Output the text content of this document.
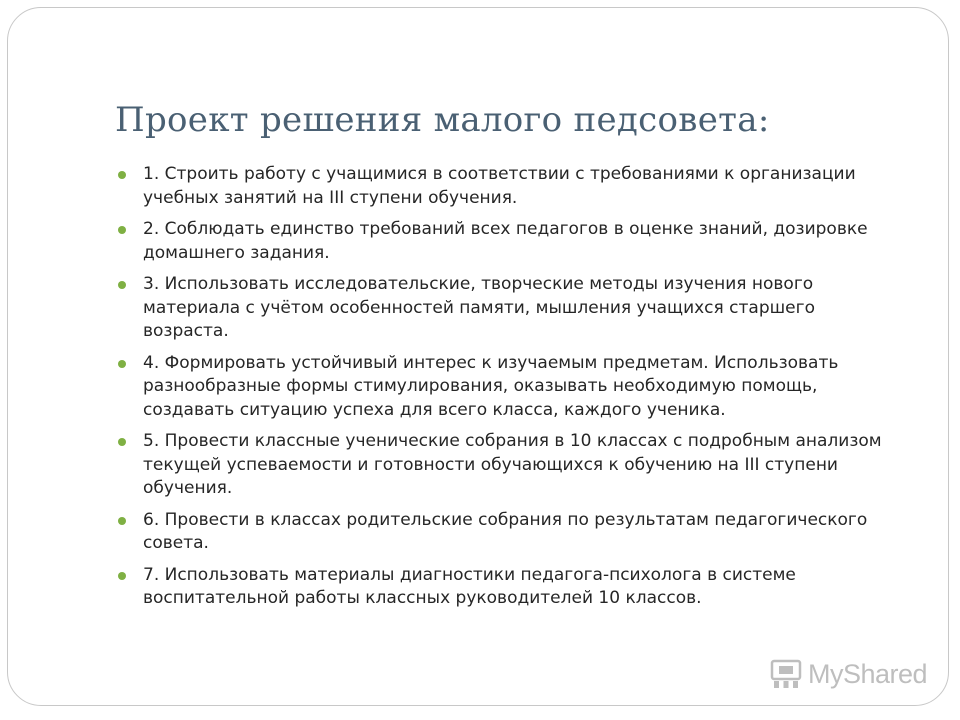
Проект решения малого педсовета:
1. Строить работу с учащимися в соответствии с требованиями к организации учебных занятий на III ступени обучения.
2. Соблюдать единство требований всех педагогов в оценке знаний, дозировке домашнего задания.
3. Использовать исследовательские, творческие методы изучения нового материала с учётом особенностей памяти, мышления учащихся старшего возраста.
4. Формировать устойчивый интерес к изучаемым предметам. Использовать разнообразные формы стимулирования, оказывать необходимую помощь, создавать ситуацию успеха для всего класса, каждого ученика.
5. Провести классные ученические собрания в 10 классах с подробным анализом текущей успеваемости и готовности обучающихся к обучению на III ступени обучения.
6. Провести в классах родительские собрания по результатам педагогического совета.
7. Использовать материалы диагностики педагога-психолога в системе воспитательной работы классных руководителей 10 классов.
MyShared
